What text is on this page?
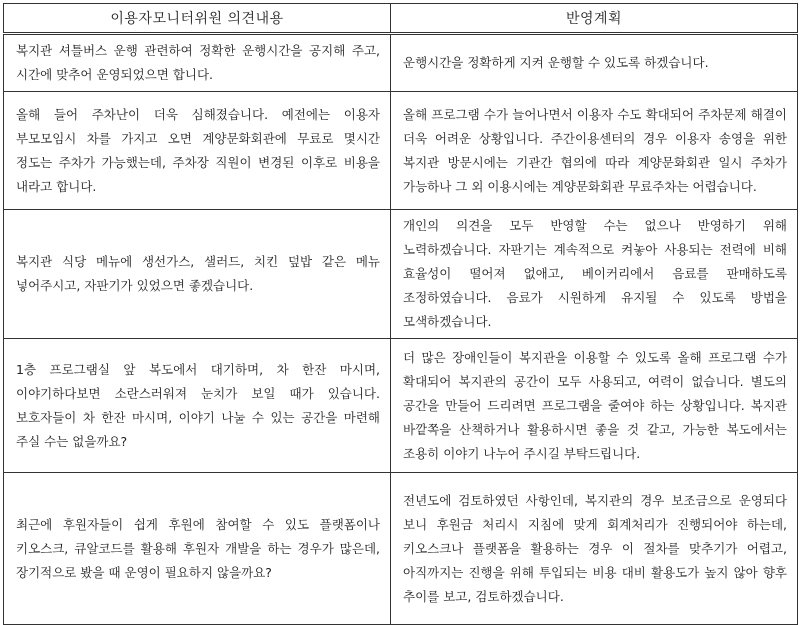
이용자모니터위원 의견내용	반영계획

복지관 셔틀버스 운행 관련하여 정확한 운행시간을 공지해 주고, 시간에 맞추어 운영되었으면 합니다.	운행시간을 정확하게 지켜 운행할 수 있도록 하겠습니다.

올해 들어 주차난이 더욱 심해졌습니다. 예전에는 이용자 부모모임시 차를 가지고 오면 계양문화회관에 무료로 몇시간 정도는 주차가 가능했는데, 주차장 직원이 변경된 이후로 비용을 내라고 합니다.	올해 프로그램 수가 늘어나면서 이용자 수도 확대되어 주차문제 해결이 더욱 어려운 상황입니다. 주간이용센터의 경우 이용자 송영을 위한 복지관 방문시에는 기관간 협의에 따라 계양문화회관 일시 주차가 가능하나 그 외 이용시에는 계양문화회관 무료주차는 어렵습니다.

복지관 식당 메뉴에 생선가스, 샐러드, 치킨 덮밥 같은 메뉴 넣어주시고, 자판기가 있었으면 좋겠습니다.	개인의 의견을 모두 반영할 수는 없으나 반영하기 위해 노력하겠습니다. 자판기는 계속적으로 켜놓아 사용되는 전력에 비해 효율성이 떨어져 없애고, 베이커리에서 음료를 판매하도록 조정하였습니다. 음료가 시원하게 유지될 수 있도록 방법을 모색하겠습니다.

1층 프로그램실 앞 복도에서 대기하며, 차 한잔 마시며, 이야기하다보면 소란스러워져 눈치가 보일 때가 있습니다. 보호자들이 차 한잔 마시며, 이야기 나눌 수 있는 공간을 마련해 주실 수는 없을까요?	더 많은 장애인들이 복지관을 이용할 수 있도록 올해 프로그램 수가 확대되어 복지관의 공간이 모두 사용되고, 여력이 없습니다. 별도의 공간을 만들어 드리려면 프로그램을 줄여야 하는 상황입니다. 복지관 바깥쪽을 산책하거나 활용하시면 좋을 것 같고, 가능한 복도에서는 조용히 이야기 나누어 주시길 부탁드립니다.

최근에 후원자들이 쉽게 후원에 참여할 수 있도 플랫폼이나 키오스크, 큐알코드를 활용해 후원자 개발을 하는 경우가 많은데, 장기적으로 봤을 때 운영이 필요하지 않을까요?	전년도에 검토하였던 사항인데, 복지관의 경우 보조금으로 운영되다 보니 후원금 처리시 지침에 맞게 회계처리가 진행되어야 하는데, 키오스크나 플랫폼을 활용하는 경우 이 절차를 맞추기가 어렵고, 아직까지는 진행을 위해 투입되는 비용 대비 활용도가 높지 않아 향후 추이를 보고, 검토하겠습니다.
